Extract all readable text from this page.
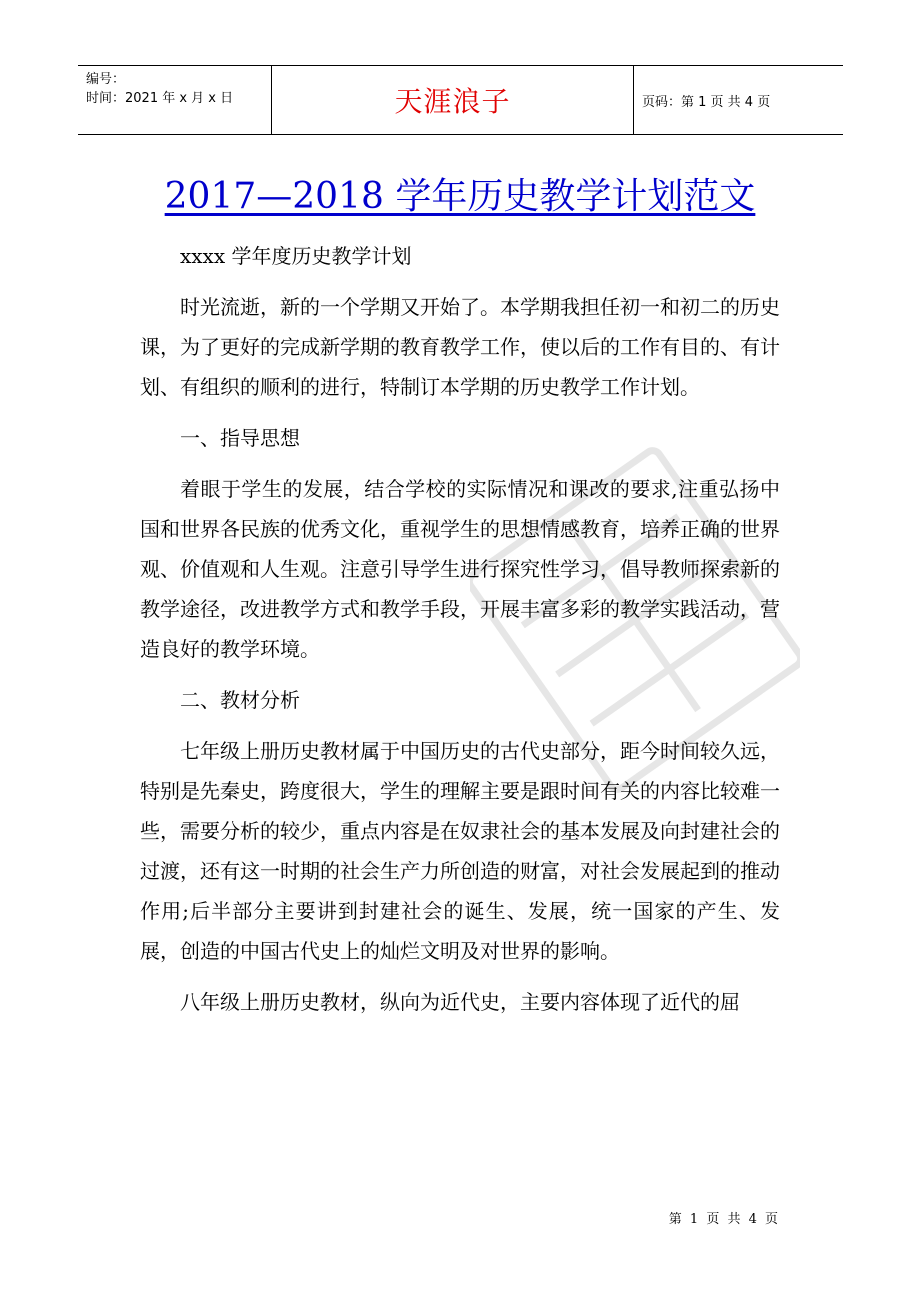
编号：
时间：2021 年 x 月 x 日	天涯浪子	页码：第 1 页 共 4 页
2017—2018 学年历史教学计划范文

xxxx 学年度历史教学计划

时光流逝，新的一个学期又开始了。本学期我担任初一和初二的历史课，为了更好的完成新学期的教育教学工作，使以后的工作有目的、有计划、有组织的顺利的进行，特制订本学期的历史教学工作计划。

一、指导思想

着眼于学生的发展，结合学校的实际情况和课改的要求,注重弘扬中国和世界各民族的优秀文化，重视学生的思想情感教育，培养正确的世界观、价值观和人生观。注意引导学生进行探究性学习，倡导教师探索新的教学途径，改进教学方式和教学手段，开展丰富多彩的教学实践活动，营造良好的教学环境。

二、教材分析

七年级上册历史教材属于中国历史的古代史部分，距今时间较久远，特别是先秦史，跨度很大，学生的理解主要是跟时间有关的内容比较难一些，需要分析的较少，重点内容是在奴隶社会的基本发展及向封建社会的过渡，还有这一时期的社会生产力所创造的财富，对社会发展起到的推动作用;后半部分主要讲到封建社会的诞生、发展，统一国家的产生、发展，创造的中国古代史上的灿烂文明及对世界的影响。

八年级上册历史教材，纵向为近代史，主要内容体现了近代的屈

第 1 页 共 4 页
